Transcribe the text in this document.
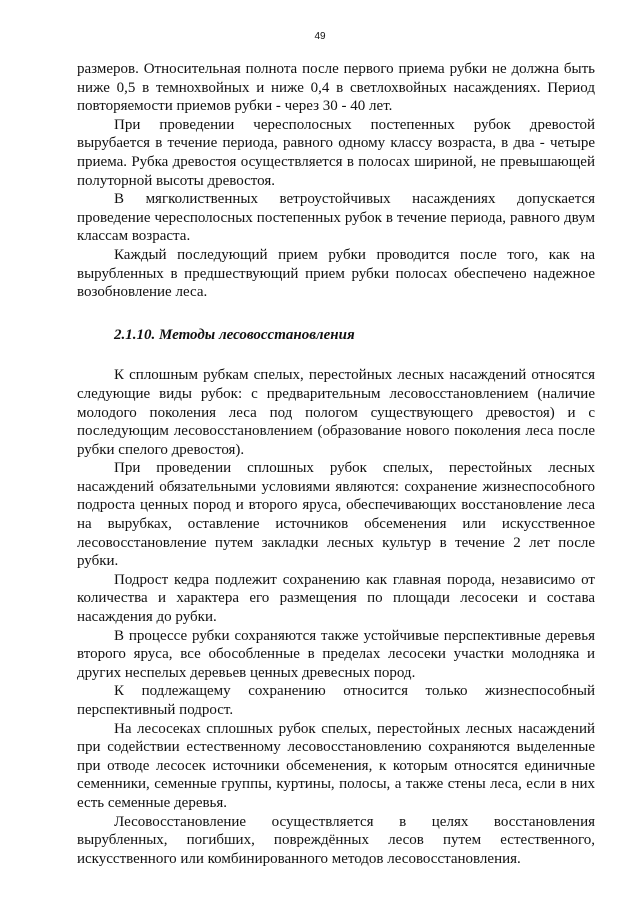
49

размеров. Относительная полнота после первого приема рубки не должна быть ниже 0,5 в темнохвойных и ниже 0,4 в светлохвойных насаждениях. Период повторяемости приемов рубки - через 30 - 40 лет.

При проведении чересполосных постепенных рубок древостой вырубается в течение периода, равного одному классу возраста, в два - четыре приема. Рубка древостоя осуществляется в полосах шириной, не превышающей полуторной высоты древостоя.

В мягколиственных ветроустойчивых насаждениях допускается проведение чересполосных постепенных рубок в течение периода, равного двум классам возраста.

Каждый последующий прием рубки проводится после того, как на вырубленных в предшествующий прием рубки полосах обеспечено надежное возобновление леса.

2.1.10. Методы лесовосстановления

К сплошным рубкам спелых, перестойных лесных насаждений относятся следующие виды рубок: с предварительным лесовосстановлением (наличие молодого поколения леса под пологом существующего древостоя) и с последующим лесовосстановлением (образование нового поколения леса после рубки спелого древостоя).

При проведении сплошных рубок спелых, перестойных лесных насаждений обязательными условиями являются: сохранение жизнеспособного подроста ценных пород и второго яруса, обеспечивающих восстановление леса на вырубках, оставление источников обсеменения или искусственное лесовосстановление путем закладки лесных культур в течение 2 лет после рубки.

Подрост кедра подлежит сохранению как главная порода, независимо от количества и характера его размещения по площади лесосеки и состава насаждения до рубки.

В процессе рубки сохраняются также устойчивые перспективные деревья второго яруса, все обособленные в пределах лесосеки участки молодняка и других неспелых деревьев ценных древесных пород.

К подлежащему сохранению относится только жизнеспособный перспективный подрост.

На лесосеках сплошных рубок спелых, перестойных лесных насаждений при содействии естественному лесовосстановлению сохраняются выделенные при отводе лесосек источники обсеменения, к которым относятся единичные семенники, семенные группы, куртины, полосы, а также стены леса, если в них есть семенные деревья.

Лесовосстановление осуществляется в целях восстановления вырубленных, погибших, повреждённых лесов путем естественного, искусственного или комбинированного методов лесовосстановления.
